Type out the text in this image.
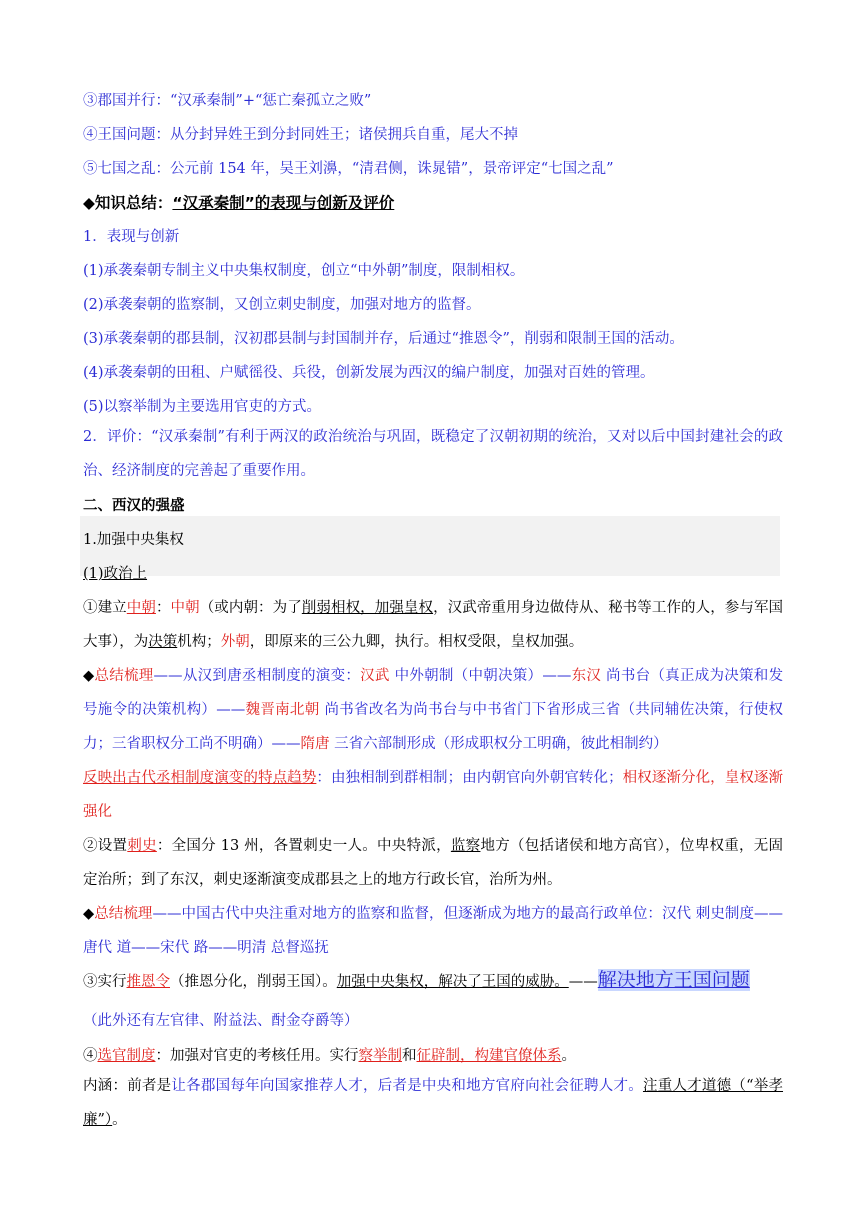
③郡国并行：“汉承秦制”+“惩亡秦孤立之败”
④王国问题：从分封异姓王到分封同姓王；诸侯拥兵自重，尾大不掉
⑤七国之乱：公元前 154 年，吴王刘濞，“清君侧，诛晁错”，景帝评定“七国之乱”
◆知识总结：“汉承秦制”的表现与创新及评价
1．表现与创新
(1)承袭秦朝专制主义中央集权制度，创立“中外朝”制度，限制相权。
(2)承袭秦朝的监察制，又创立刺史制度，加强对地方的监督。
(3)承袭秦朝的郡县制，汉初郡县制与封国制并存，后通过“推恩令”，削弱和限制王国的活动。
(4)承袭秦朝的田租、户赋徭役、兵役，创新发展为西汉的编户制度，加强对百姓的管理。
(5)以察举制为主要选用官吏的方式。
2．评价：“汉承秦制”有利于两汉的政治统治与巩固，既稳定了汉朝初期的统治，又对以后中国封建社会的政治、经济制度的完善起了重要作用。
二、西汉的强盛
1.加强中央集权
(1)政治上
①建立中朝：中朝（或内朝：为了削弱相权，加强皇权，汉武帝重用身边做侍从、秘书等工作的人，参与军国大事），为决策机构；外朝，即原来的三公九卿，执行。相权受限，皇权加强。
◆总结梳理——从汉到唐丞相制度的演变：汉武 中外朝制（中朝决策）——东汉 尚书台（真正成为决策和发号施令的决策机构）——魏晋南北朝 尚书省改名为尚书台与中书省门下省形成三省（共同辅佐决策，行使权力；三省职权分工尚不明确）——隋唐 三省六部制形成（形成职权分工明确，彼此相制约）
反映出古代丞相制度演变的特点趋势：由独相制到群相制；由内朝官向外朝官转化；相权逐渐分化，皇权逐渐强化
②设置刺史：全国分 13 州，各置刺史一人。中央特派，监察地方（包括诸侯和地方高官），位卑权重，无固定治所；到了东汉，刺史逐渐演变成郡县之上的地方行政长官，治所为州。
◆总结梳理——中国古代中央注重对地方的监察和监督，但逐渐成为地方的最高行政单位：汉代 刺史制度——唐代 道——宋代 路——明清 总督巡抚
③实行推恩令（推恩分化，削弱王国）。加强中央集权，解决了王国的威胁。——解决地方王国问题
（此外还有左官律、附益法、酎金夺爵等）
④选官制度：加强对官吏的考核任用。实行察举制和征辟制，构建官僚体系。
内涵：前者是让各郡国每年向国家推荐人才，后者是中央和地方官府向社会征聘人才。注重人才道德（“举孝廉”）。
